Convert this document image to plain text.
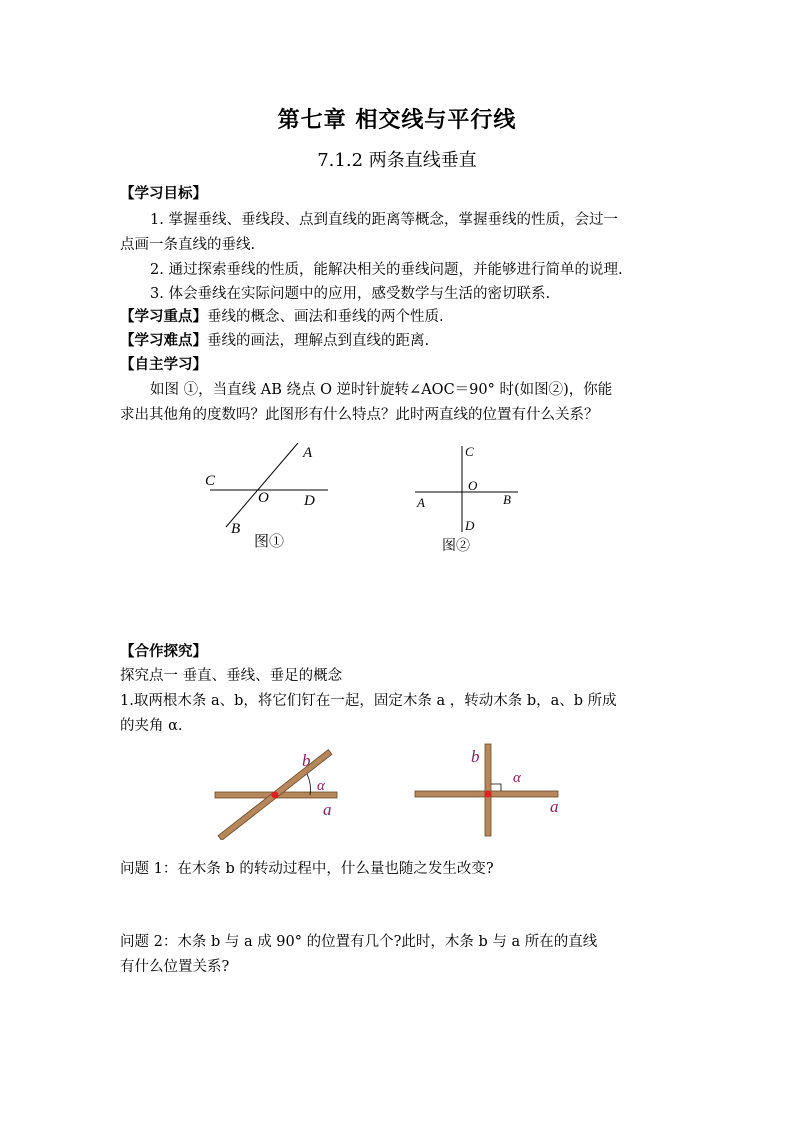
第七章 相交线与平行线
7.1.2 两条直线垂直
【学习目标】
1. 掌握垂线、垂线段、点到直线的距离等概念，掌握垂线的性质，会过一
点画一条直线的垂线.
2. 通过探索垂线的性质，能解决相关的垂线问题，并能够进行简单的说理.
3. 体会垂线在实际问题中的应用，感受数学与生活的密切联系.
【学习重点】垂线的概念、画法和垂线的两个性质.
【学习难点】垂线的画法，理解点到直线的距离.
【自主学习】
如图 ①，当直线 AB 绕点 O 逆时针旋转∠AOC＝90° 时(如图②)，你能
求出其他角的度数吗？此图形有什么特点？此时两直线的位置有什么关系？
A
C
O D
B
图①
C
O
A	B
D
图②
【合作探究】
探究点一 垂直、垂线、垂足的概念
1.取两根木条 a、b，将它们钉在一起，固定木条 a ，转动木条 b，a、b 所成
的夹角 α.
b
α
a
b
α
a
问题 1：在木条 b 的转动过程中，什么量也随之发生改变?
问题 2：木条 b 与 a 成 90° 的位置有几个?此时，木条 b 与 a 所在的直线
有什么位置关系?
